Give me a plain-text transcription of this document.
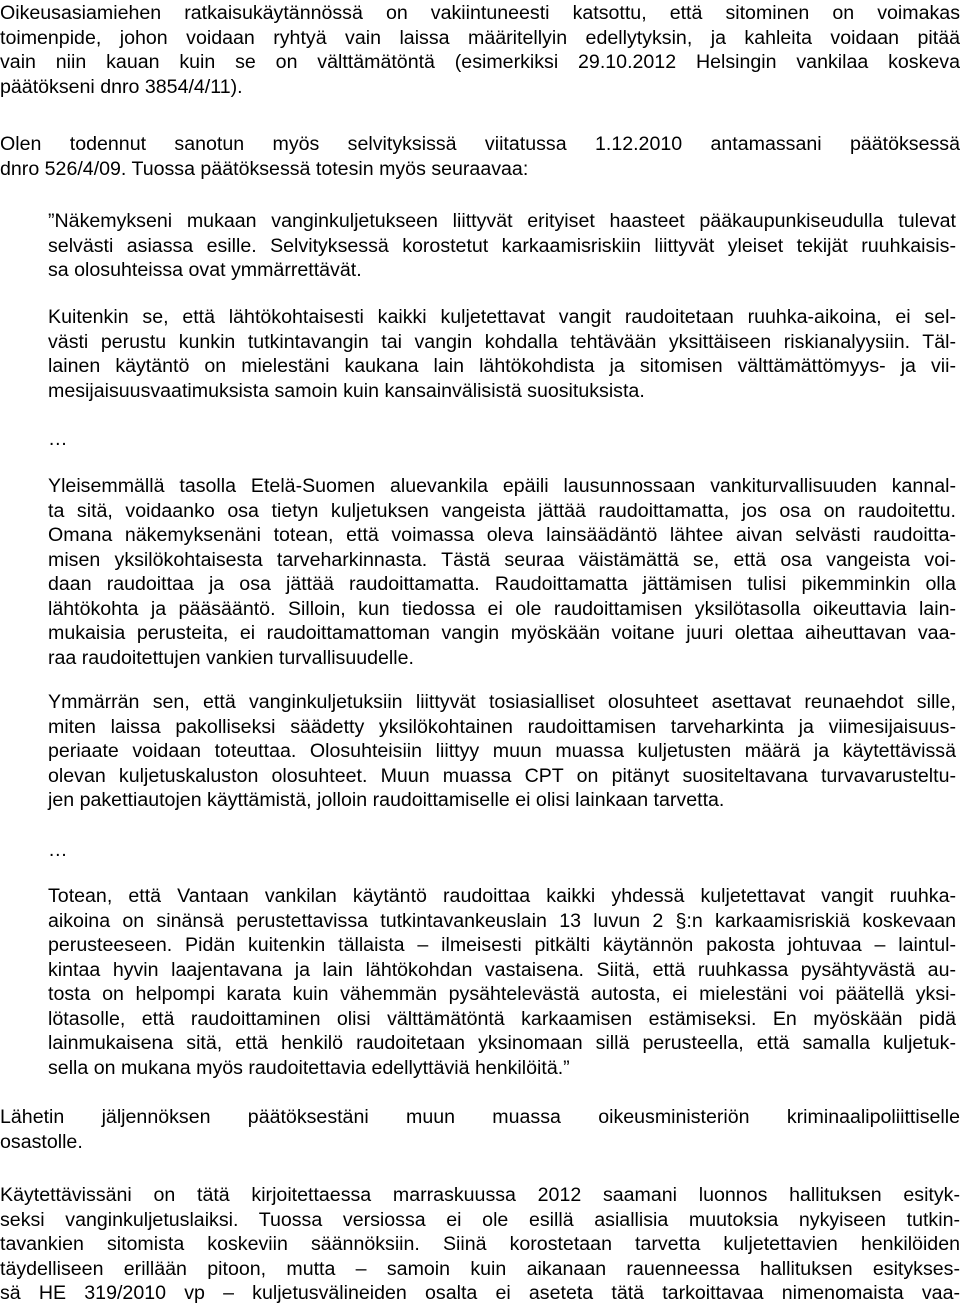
Oikeusasiamiehen ratkaisukäytännössä on vakiintuneesti katsottu, että sitominen on voimakas
toimenpide, johon voidaan ryhtyä vain laissa määritellyin edellytyksin, ja kahleita voidaan pitää
vain niin kauan kuin se on välttämätöntä (esimerkiksi 29.10.2012 Helsingin vankilaa koskeva
päätökseni dnro 3854/4/11).
Olen todennut sanotun myös selvityksissä viitatussa 1.12.2010 antamassani päätöksessä
dnro 526/4/09. Tuossa päätöksessä totesin myös seuraavaa:
”Näkemykseni mukaan vanginkuljetukseen liittyvät erityiset haasteet pääkaupunkiseudulla tulevat
selvästi asiassa esille. Selvityksessä korostetut karkaamisriskiin liittyvät yleiset tekijät ruuhkaisis-
sa olosuhteissa ovat ymmärrettävät.
Kuitenkin se, että lähtökohtaisesti kaikki kuljetettavat vangit raudoitetaan ruuhka-aikoina, ei sel-
västi perustu kunkin tutkintavangin tai vangin kohdalla tehtävään yksittäiseen riskianalyysiin. Täl-
lainen käytäntö on mielestäni kaukana lain lähtökohdista ja sitomisen välttämättömyys- ja vii-
mesijaisuusvaatimuksista samoin kuin kansainvälisistä suosituksista.
…
Yleisemmällä tasolla Etelä-Suomen aluevankila epäili lausunnossaan vankiturvallisuuden kannal-
ta sitä, voidaanko osa tietyn kuljetuksen vangeista jättää raudoittamatta, jos osa on raudoitettu.
Omana näkemyksenäni totean, että voimassa oleva lainsäädäntö lähtee aivan selvästi raudoitta-
misen yksilökohtaisesta tarveharkinnasta. Tästä seuraa väistämättä se, että osa vangeista voi-
daan raudoittaa ja osa jättää raudoittamatta. Raudoittamatta jättämisen tulisi pikemminkin olla
lähtökohta ja pääsääntö. Silloin, kun tiedossa ei ole raudoittamisen yksilötasolla oikeuttavia lain-
mukaisia perusteita, ei raudoittamattoman vangin myöskään voitane juuri olettaa aiheuttavan vaa-
raa raudoitettujen vankien turvallisuudelle.
Ymmärrän sen, että vanginkuljetuksiin liittyvät tosiasialliset olosuhteet asettavat reunaehdot sille,
miten laissa pakolliseksi säädetty yksilökohtainen raudoittamisen tarveharkinta ja viimesijaisuus-
periaate voidaan toteuttaa. Olosuhteisiin liittyy muun muassa kuljetusten määrä ja käytettävissä
olevan kuljetuskaluston olosuhteet. Muun muassa CPT on pitänyt suositeltavana turvavarusteltu-
jen pakettiautojen käyttämistä, jolloin raudoittamiselle ei olisi lainkaan tarvetta.
…
Totean, että Vantaan vankilan käytäntö raudoittaa kaikki yhdessä kuljetettavat vangit ruuhka-
aikoina on sinänsä perustettavissa tutkintavankeuslain 13 luvun 2 §:n karkaamisriskiä koskevaan
perusteeseen. Pidän kuitenkin tällaista – ilmeisesti pitkälti käytännön pakosta johtuvaa – laintul-
kintaa hyvin laajentavana ja lain lähtökohdan vastaisena. Siitä, että ruuhkassa pysähtyvästä au-
tosta on helpompi karata kuin vähemmän pysähtelevästä autosta, ei mielestäni voi päätellä yksi-
lötasolle, että raudoittaminen olisi välttämätöntä karkaamisen estämiseksi. En myöskään pidä
lainmukaisena sitä, että henkilö raudoitetaan yksinomaan sillä perusteella, että samalla kuljetuk-
sella on mukana myös raudoitettavia edellyttäviä henkilöitä.”
Lähetin jäljennöksen päätöksestäni muun muassa oikeusministeriön kriminaalipoliittiselle
osastolle.
Käytettävissäni on tätä kirjoitettaessa marraskuussa 2012 saamani luonnos hallituksen esityk-
seksi vanginkuljetuslaiksi. Tuossa versiossa ei ole esillä asiallisia muutoksia nykyiseen tutkin-
tavankien sitomista koskeviin säännöksiin. Siinä korostetaan tarvetta kuljetettavien henkilöiden
täydelliseen erillään pitoon, mutta – samoin kuin aikanaan rauenneessa hallituksen esitykses-
sä HE 319/2010 vp – kuljetusvälineiden osalta ei aseteta tätä tarkoittavaa nimenomaista vaa-
